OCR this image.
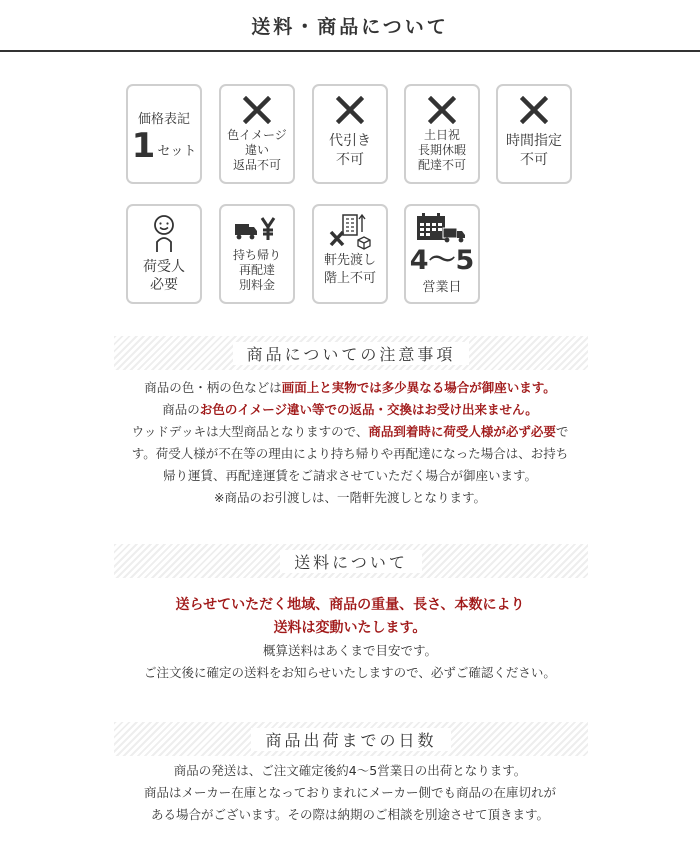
送料・商品について
価格表記
1 セット
色イメージ
違い
返品不可
代引き
不可
土日祝
長期休暇
配達不可
時間指定
不可
荷受人
必要
持ち帰り
再配達
別料金
軒先渡し
階上不可
4〜5
営業日
商品についての注意事項
商品の色・柄の色などは画面上と実物では多少異なる場合が御座います。
商品のお色のイメージ違い等での返品・交換はお受け出来ません。
ウッドデッキは大型商品となりますので、商品到着時に荷受人様が必ず必要で
す。荷受人様が不在等の理由により持ち帰りや再配達になった場合は、お持ち
帰り運賃、再配達運賃をご請求させていただく場合が御座います。
※商品のお引渡しは、一階軒先渡しとなります。
送料について
送らせていただく地域、商品の重量、長さ、本数により
送料は変動いたします。
概算送料はあくまで目安です。
ご注文後に確定の送料をお知らせいたしますので、必ずご確認ください。
商品出荷までの日数
商品の発送は、ご注文確定後約4〜5営業日の出荷となります。
商品はメーカー在庫となっておりまれにメーカー側でも商品の在庫切れが
ある場合がございます。その際は納期のご相談を別途させて頂きます。
